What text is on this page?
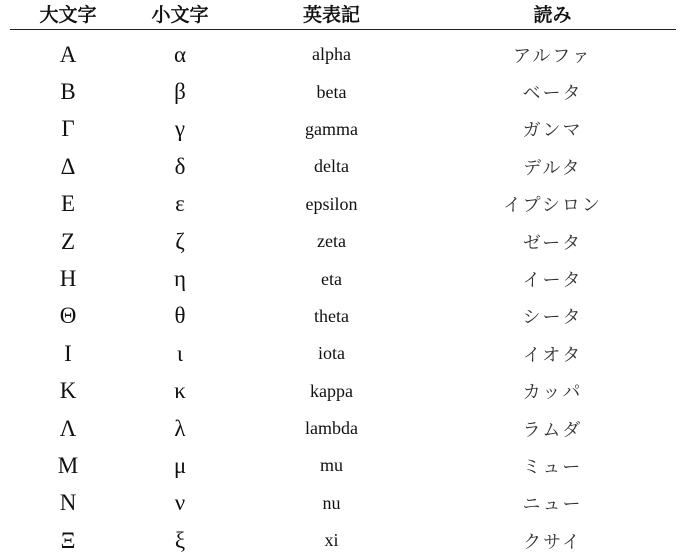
大文字	小文字	英表記	読み
Α	α	alpha	アルファ
Β	β	beta	ベータ
Γ	γ	gamma	ガンマ
Δ	δ	delta	デルタ
Ε	ε	epsilon	イプシロン
Ζ	ζ	zeta	ゼータ
Η	η	eta	イータ
Θ	θ	theta	シータ
Ι	ι	iota	イオタ
Κ	κ	kappa	カッパ
Λ	λ	lambda	ラムダ
Μ	μ	mu	ミュー
Ν	ν	nu	ニュー
Ξ	ξ	xi	クサイ
